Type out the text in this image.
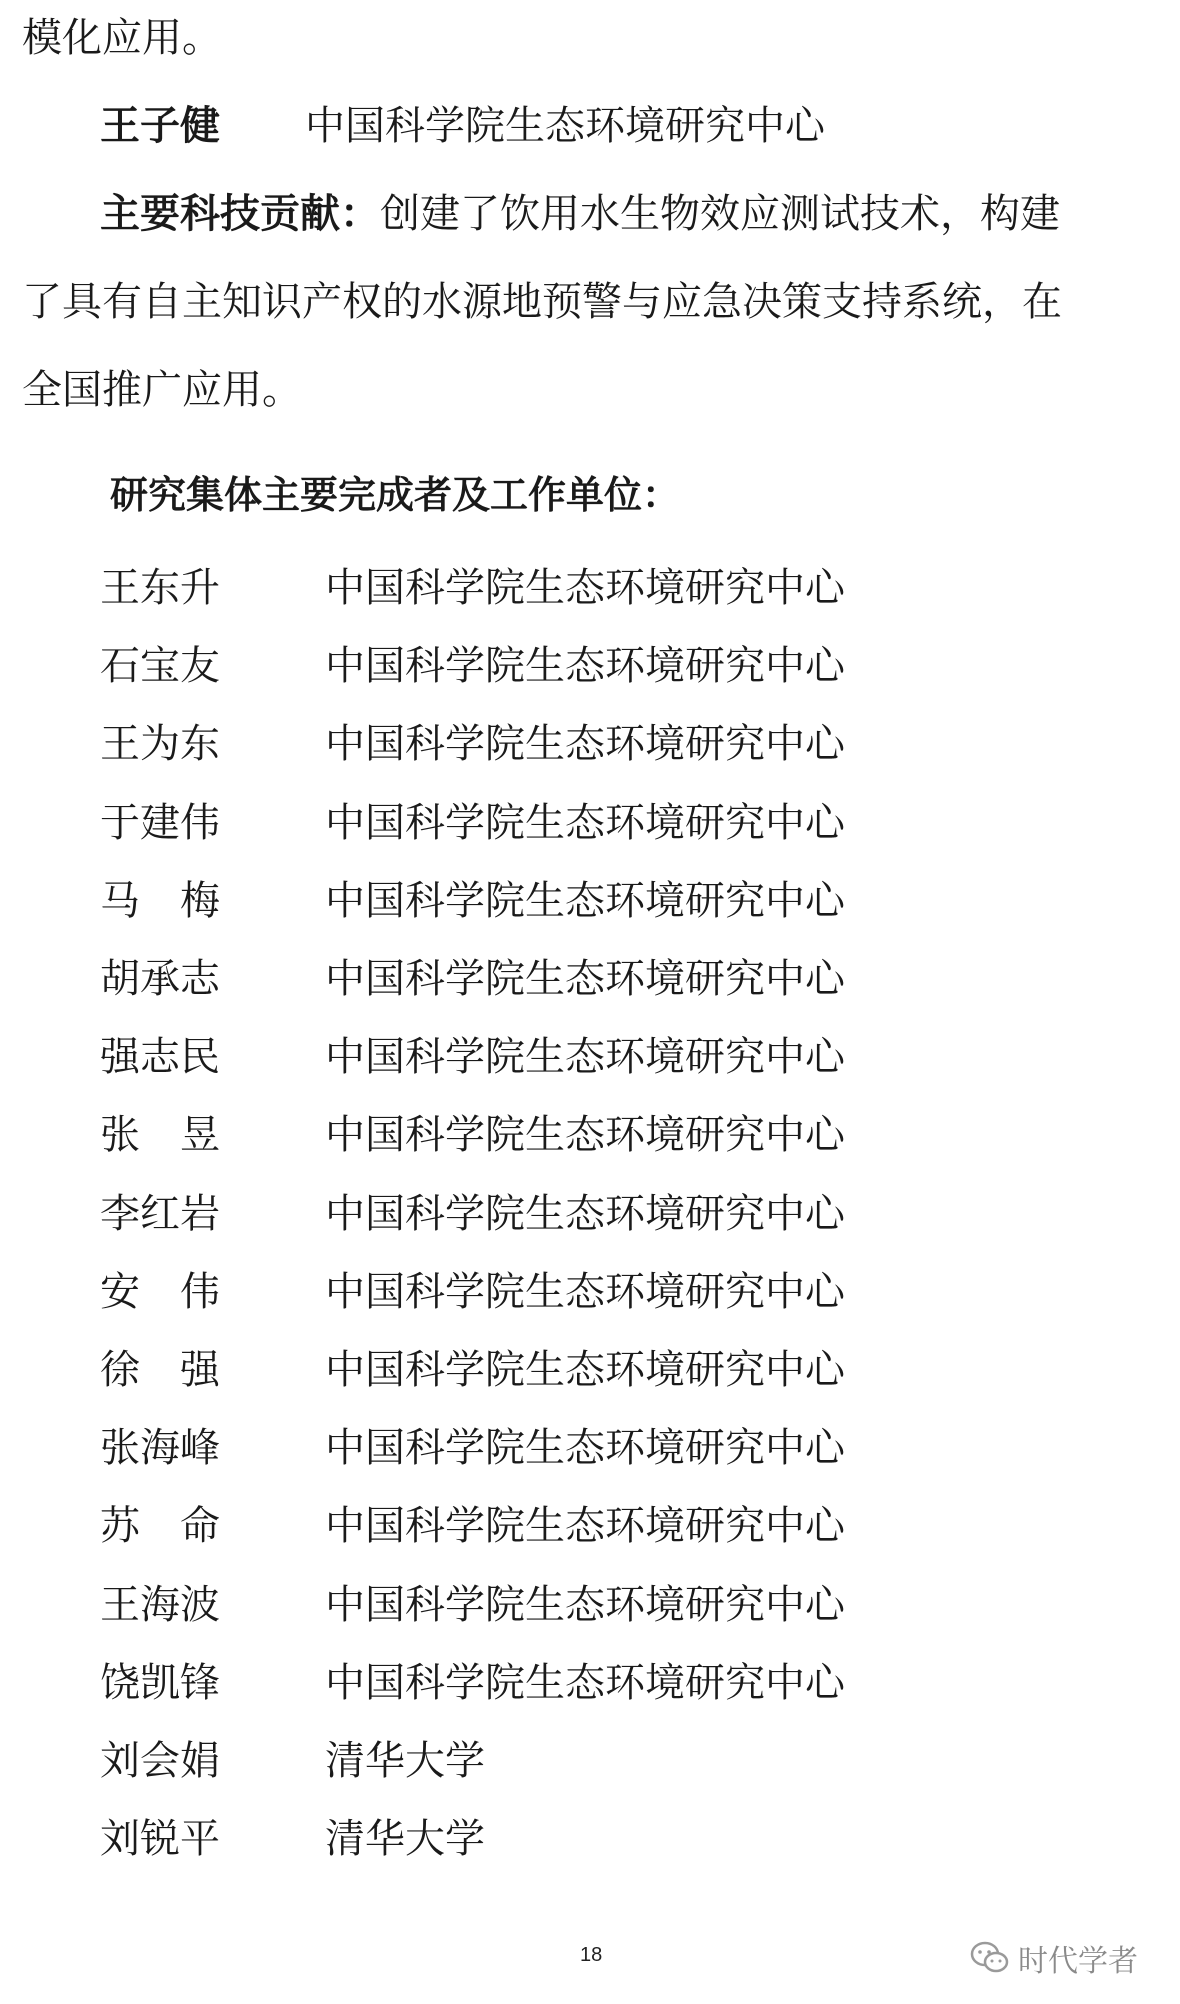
模化应用。
王子健 中国科学院生态环境研究中心
主要科技贡献：创建了饮用水生物效应测试技术，构建
了具有自主知识产权的水源地预警与应急决策支持系统，在
全国推广应用。
研究集体主要完成者及工作单位：
王东升	中国科学院生态环境研究中心
石宝友	中国科学院生态环境研究中心
王为东	中国科学院生态环境研究中心
于建伟	中国科学院生态环境研究中心
马　梅	中国科学院生态环境研究中心
胡承志	中国科学院生态环境研究中心
强志民	中国科学院生态环境研究中心
张　昱	中国科学院生态环境研究中心
李红岩	中国科学院生态环境研究中心
安　伟	中国科学院生态环境研究中心
徐　强	中国科学院生态环境研究中心
张海峰	中国科学院生态环境研究中心
苏　命	中国科学院生态环境研究中心
王海波	中国科学院生态环境研究中心
饶凯锋	中国科学院生态环境研究中心
刘会娟	清华大学
刘锐平	清华大学
18	时代学者
